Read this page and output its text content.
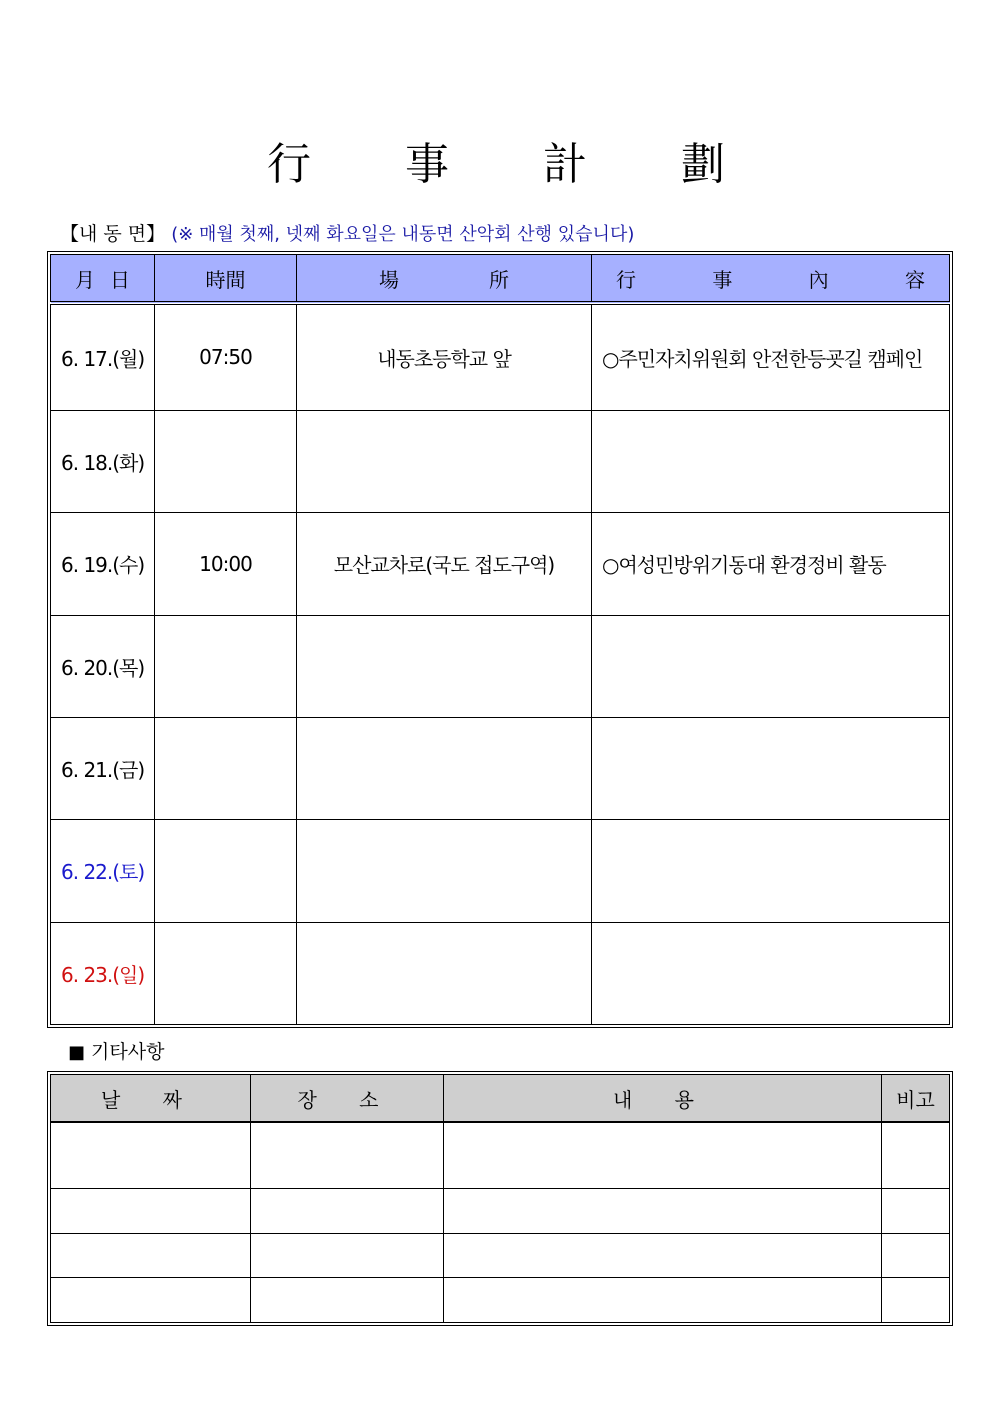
行 事 計 劃
【내 동 면】 (※ 매월 첫째, 넷째 화요일은 내동면 산악회 산행 있습니다)
月 日	時間	場 所	行 事 內 容

6. 17.(월)	07:50	내동초등학교 앞	○주민자치위원회 안전한등굣길 캠페인
6. 18.(화)			
6. 19.(수)	10:00	모산교차로(국도 접도구역)	○여성민방위기동대 환경정비 활동
6. 20.(목)			
6. 21.(금)			
6. 22.(토)			
6. 23.(일)			
■ 기타사항
날 짜	장 소	내 용	비고
